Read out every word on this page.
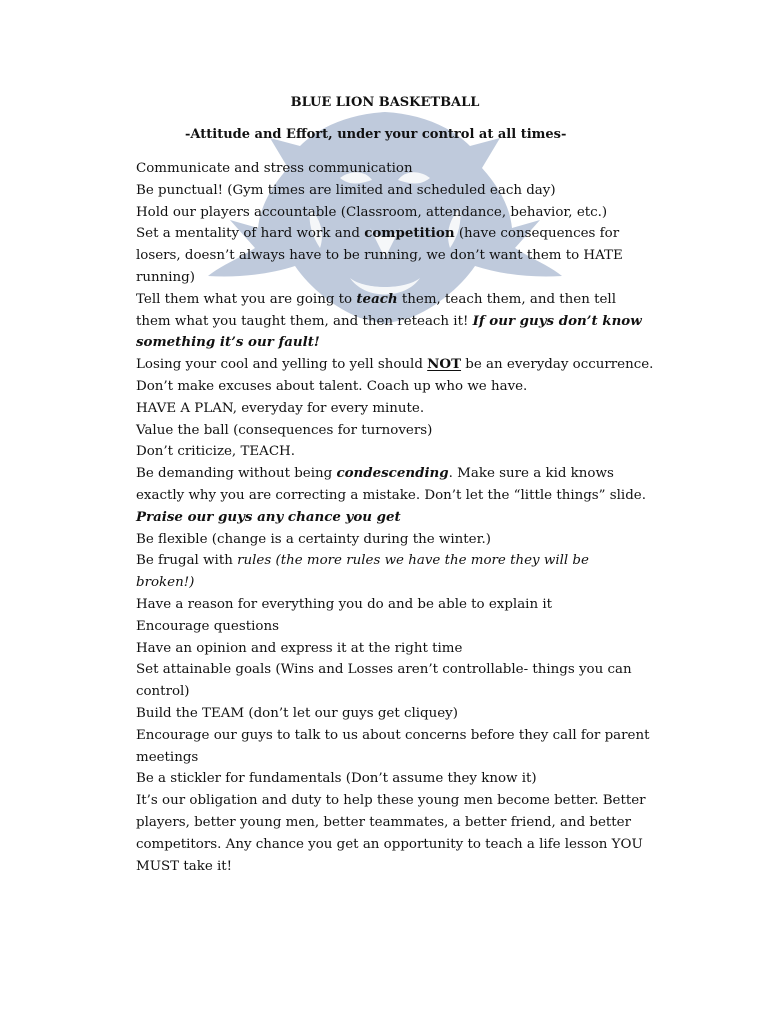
BLUE LION BASKETBALL
-Attitude and Effort, under your control at all times-

Communicate and stress communication

Be punctual! (Gym times are limited and scheduled each day)

Hold our players accountable (Classroom, attendance, behavior, etc.)

Set a mentality of hard work and competition (have consequences for
losers, doesn’t always have to be running, we don’t want them to HATE
running)

Tell them what you are going to teach them, teach them, and then tell
them what you taught them, and then reteach it! If our guys don’t know
something it’s our fault!

Losing your cool and yelling to yell should NOT be an everyday occurrence.

Don’t make excuses about talent. Coach up who we have.

HAVE A PLAN, everyday for every minute.

Value the ball (consequences for turnovers)

Don’t criticize, TEACH.

Be demanding without being condescending. Make sure a kid knows
exactly why you are correcting a mistake. Don’t let the “little things” slide.

Praise our guys any chance you get

Be flexible (change is a certainty during the winter.)

Be frugal with rules (the more rules we have the more they will be
broken!)

Have a reason for everything you do and be able to explain it

Encourage questions

Have an opinion and express it at the right time

Set attainable goals (Wins and Losses aren’t controllable- things you can
control)

Build the TEAM (don’t let our guys get cliquey)

Encourage our guys to talk to us about concerns before they call for parent
meetings

Be a stickler for fundamentals (Don’t assume they know it)

It’s our obligation and duty to help these young men become better. Better
players, better young men, better teammates, a better friend, and better
competitors. Any chance you get an opportunity to teach a life lesson YOU
MUST take it!
